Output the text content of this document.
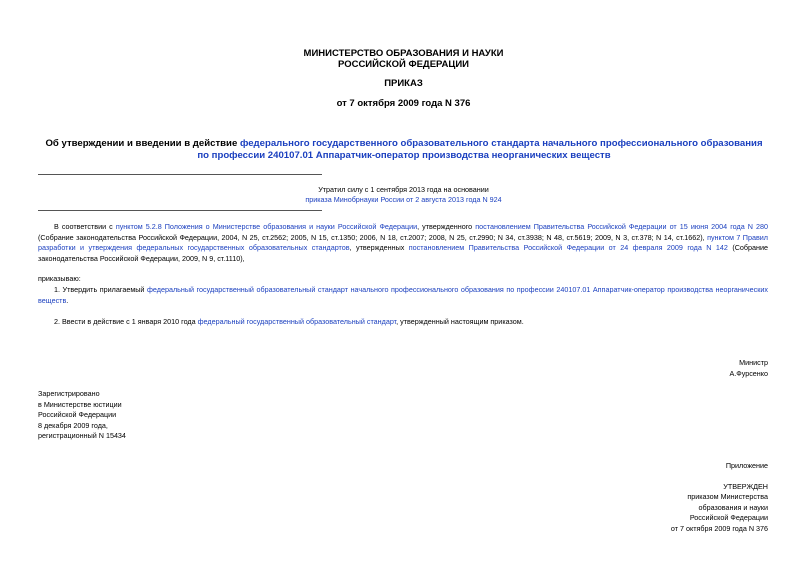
МИНИСТЕРСТВО ОБРАЗОВАНИЯ И НАУКИ
РОССИЙСКОЙ ФЕДЕРАЦИИ
ПРИКАЗ
от 7 октября 2009 года N 376
Об утверждении и введении в действие федерального государственного образовательного стандарта начального профессионального образования по профессии 240107.01 Аппаратчик-оператор производства неорганических веществ
Утратил силу с 1 сентября 2013 года на основании
приказа Минобрнауки России от 2 августа 2013 года N 924
В соответствии с пунктом 5.2.8 Положения о Министерстве образования и науки Российской Федерации, утвержденного постановлением Правительства Российской Федерации от 15 июня 2004 года N 280 (Собрание законодательства Российской Федерации, 2004, N 25, ст.2562; 2005, N 15, ст.1350; 2006, N 18, ст.2007; 2008, N 25, ст.2990; N 34, ст.3938; N 48, ст.5619; 2009, N 3, ст.378; N 14, ст.1662), пунктом 7 Правил разработки и утверждения федеральных государственных образовательных стандартов, утвержденных постановлением Правительства Российской Федерации от 24 февраля 2009 года N 142 (Собрание законодательства Российской Федерации, 2009, N 9, ст.1110),
приказываю:
1. Утвердить прилагаемый федеральный государственный образовательный стандарт начального профессионального образования по профессии 240107.01 Аппаратчик-оператор производства неорганических веществ.
2. Ввести в действие с 1 января 2010 года федеральный государственный образовательный стандарт, утвержденный настоящим приказом.
Министр
А.Фурсенко
Зарегистрировано
в Министерстве юстиции
Российской Федерации
8 декабря 2009 года,
регистрационный N 15434
Приложение
УТВЕРЖДЕН
приказом Министерства
образования и науки
Российской Федерации
от 7 октября 2009 года N 376
